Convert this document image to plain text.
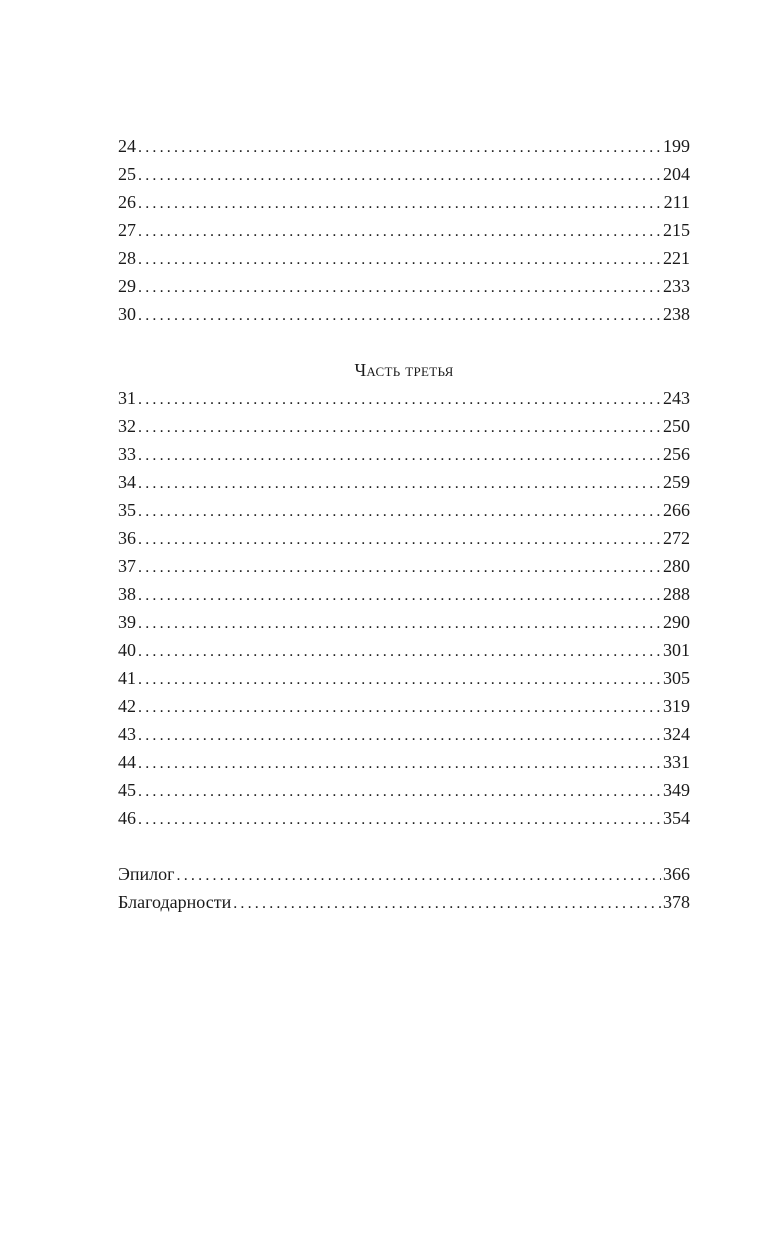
24 .....	199
25 .....	204
26 .....	211
27 .....	215
28 .....	221
29 .....	233
30 .....	238
Часть третья
31 .....	243
32 .....	250
33 .....	256
34 .....	259
35 .....	266
36 .....	272
37 .....	280
38 .....	288
39 .....	290
40 .....	301
41 .....	305
42 .....	319
43 .....	324
44 .....	331
45 .....	349
46 .....	354
Эпилог .....	366
Благодарности .....	378
